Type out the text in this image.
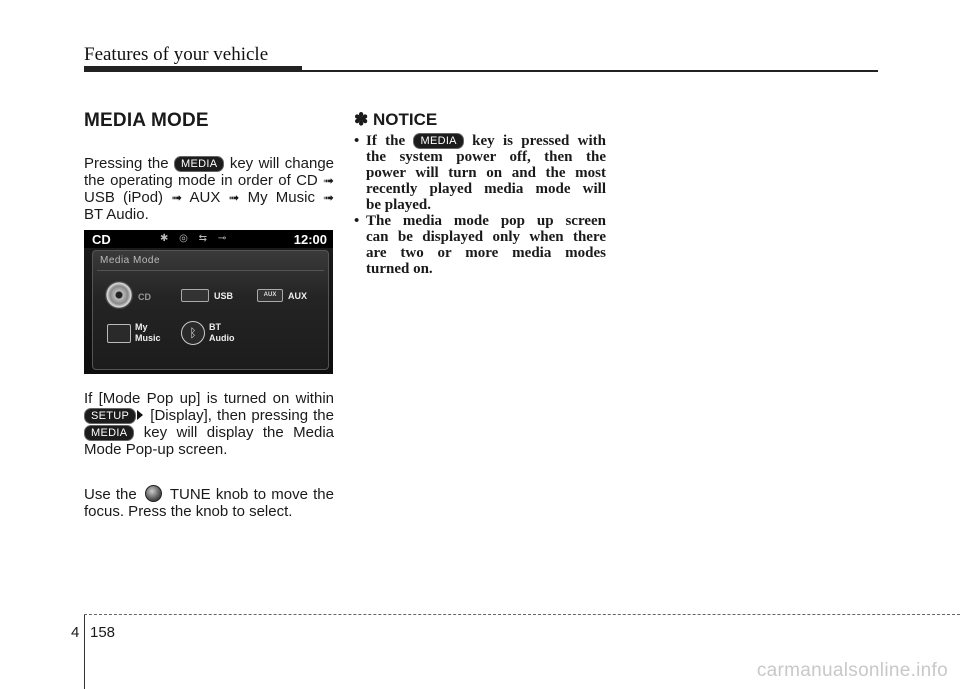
Features of your vehicle
MEDIA MODE
Pressing the MEDIA key will change
the operating mode in order of CD ➟
USB (iPod) ➟ AUX ➟ My Music ➟
BT Audio.
CD	✱ ◎ ⇆ ⊸	12:00
Media Mode
CD	USB	AUX	AUX
My
Music	ᛒ	BT
Audio
If [Mode Pop up] is turned on within
SETUP [Display], then pressing the
MEDIA key will display the Media
Mode Pop-up screen.
Use the TUNE knob to move the
focus. Press the knob to select.
✽ NOTICE
• If the MEDIA key is pressed with
the system power off, then the
power will turn on and the most
recently played media mode will
be played.
• The media mode pop up screen
can be displayed only when there
are two or more media modes
turned on.
4 158
carmanualsonline.info
